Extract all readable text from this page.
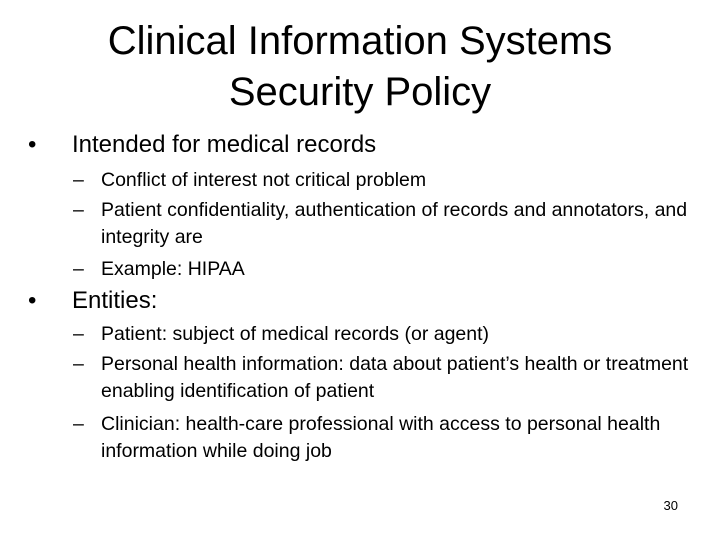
Clinical Information Systems
Security Policy
•	Intended for medical records
– Conflict of interest not critical problem
– Patient confidentiality, authentication of records and annotators, and integrity are
– Example: HIPAA
•	Entities:
– Patient: subject of medical records (or agent)
– Personal health information: data about patient’s health or treatment enabling identification of patient
– Clinician: health-care professional with access to personal health information while doing job
30
